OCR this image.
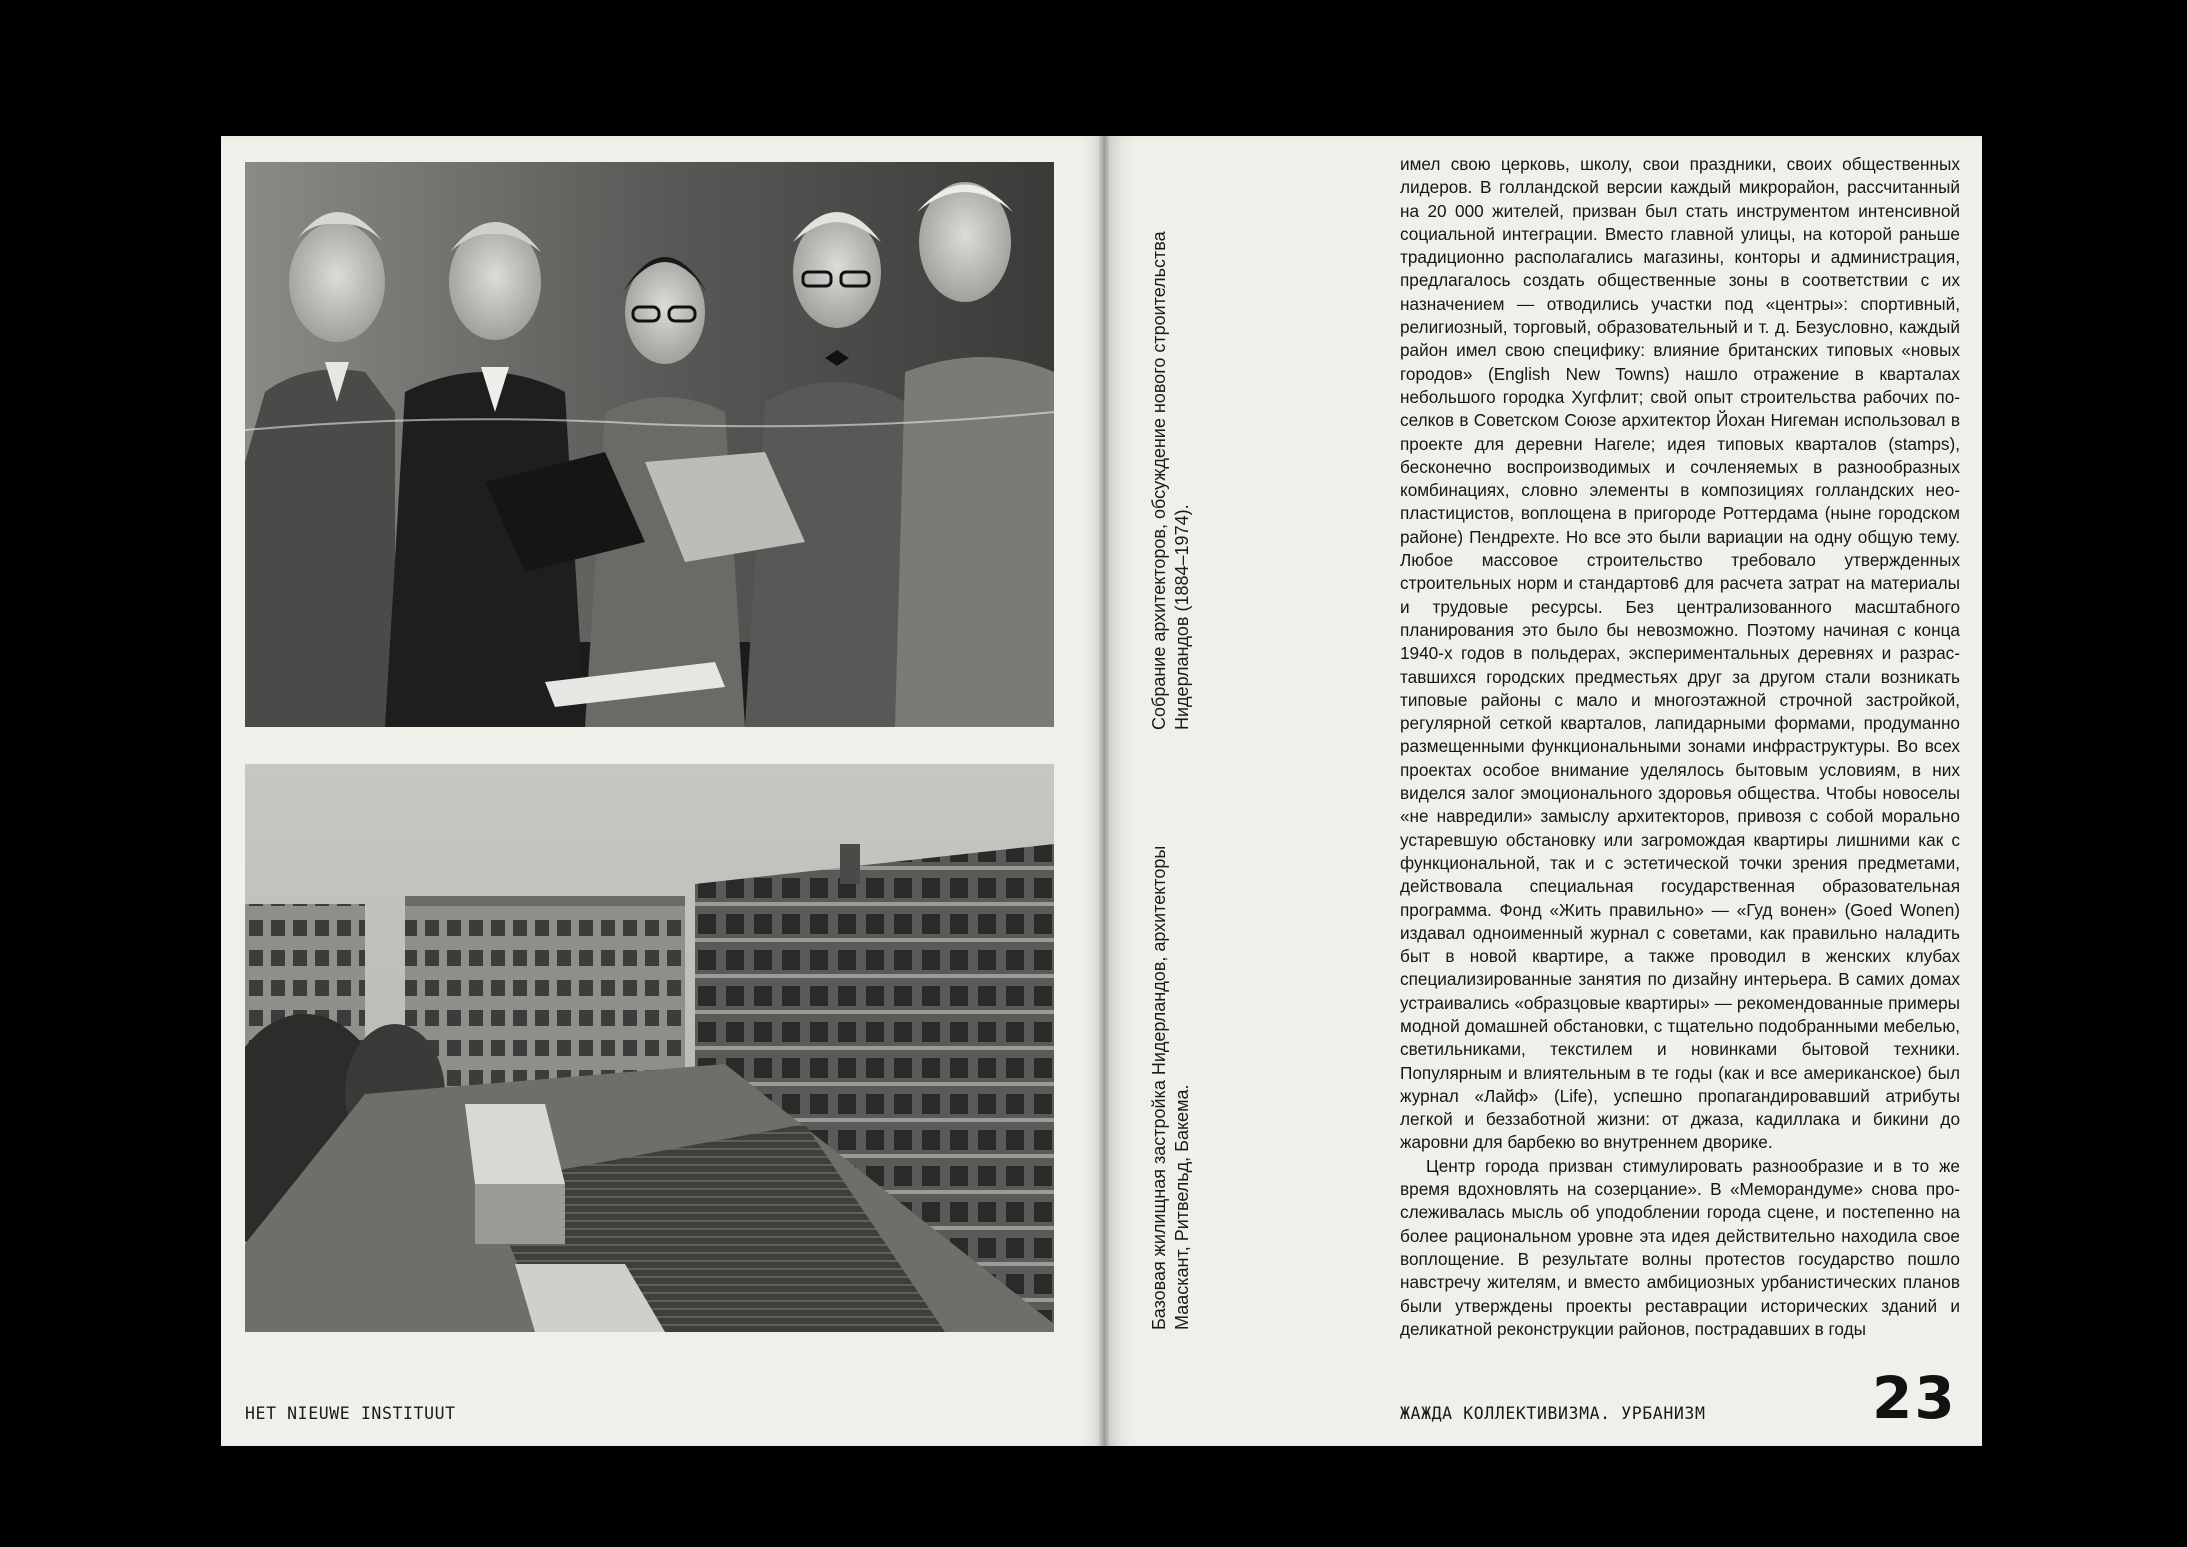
Собрание архитекторов, обсуждение нового строительства Нидерландов (1884–1974).
Базовая жилищная застройка Нидерландов, архитекторы Мааскант, Ритвельд, Бакема.

имел свою церковь, школу, свои праздники, своих общественных лидеров. В голландской версии каждый микрорайон, рассчитанный на 20 000 жителей, призван был стать инструментом интенсивной социальной интеграции. Вместо главной улицы, на которой раньше традиционно располагались магазины, конторы и администрация, предлагалось создать общественные зоны в соответствии с их назначением — отводились участки под «центры»: спортивный, религиозный, торговый, образовательный и т. д. Безусловно, каждый район имел свою специфику: влияние британских типовых «новых городов» (English New Towns) нашло отражение в кварталах небольшого городка Хугфлит; свой опыт строительства рабочих поселков в Советском Союзе архитектор Йохан Нигеман использовал в проекте для деревни Нагеле; идея типовых кварталов (stamps), бесконечно воспроизводимых и сочленяемых в разнообразных комбинациях, словно элементы в композициях голландских неопластицистов, воплощена в пригороде Роттердама (ныне городском районе) Пендрехте. Но все это были вариации на одну общую тему. Любое массовое строительство требовало утвержденных строительных норм и стандартов6 для расчета затрат на материалы и трудовые ресурсы. Без централизованного масштабного планирования это было бы невозможно. Поэтому начиная с конца 1940-х годов в польдерах, экспериментальных деревнях и разраставшихся городских предместьях друг за другом стали возникать типовые районы с мало и многоэтажной строчной застройкой, регулярной сеткой кварталов, лапидарными формами, продуманно размещенными функциональными зонами инфраструктуры. Во всех проектах особое внимание уделялось бытовым условиям, в них виделся залог эмоционального здоровья общества. Чтобы новоселы «не навредили» замыслу архитекторов, привозя с собой морально устаревшую обстановку или загромождая квартиры лишними как с функциональной, так и с эстетической точки зрения предметами, действовала специальная государственная образовательная программа. Фонд «Жить правильно» — «Гуд вонен» (Goed Wonen) издавал одноименный журнал с советами, как правильно наладить быт в новой квартире, а также проводил в женских клубах специализированные занятия по дизайну интерьера. В самих домах устраивались «образцовые квартиры» — рекомендованные примеры модной домашней обстановки, с тщательно подобранными мебелью, светильниками, текстилем и новинками бытовой техники. Популярным и влиятельным в те годы (как и все американское) был журнал «Лайф» (Life), успешно пропагандировавший атрибуты легкой и беззаботной жизни: от джаза, кадиллака и бикини до жаровни для барбекю во внутреннем дворике.

Центр города призван стимулировать разнообразие и в то же время вдохновлять на созерцание». В «Меморандуме» снова прослеживалась мысль об уподоблении города сцене, и постепенно на более рациональном уровне эта идея действительно находила свое воплощение. В результате волны протестов государство пошло навстречу жителям, и вместо амбициозных урбанистических планов были утверждены проекты реставрации исторических зданий и деликатной реконструкции районов, пострадавших в годы

HET NIEUWE INSTITUUT	ЖАЖДА КОЛЛЕКТИВИЗМА. УРБАНИЗМ	23
